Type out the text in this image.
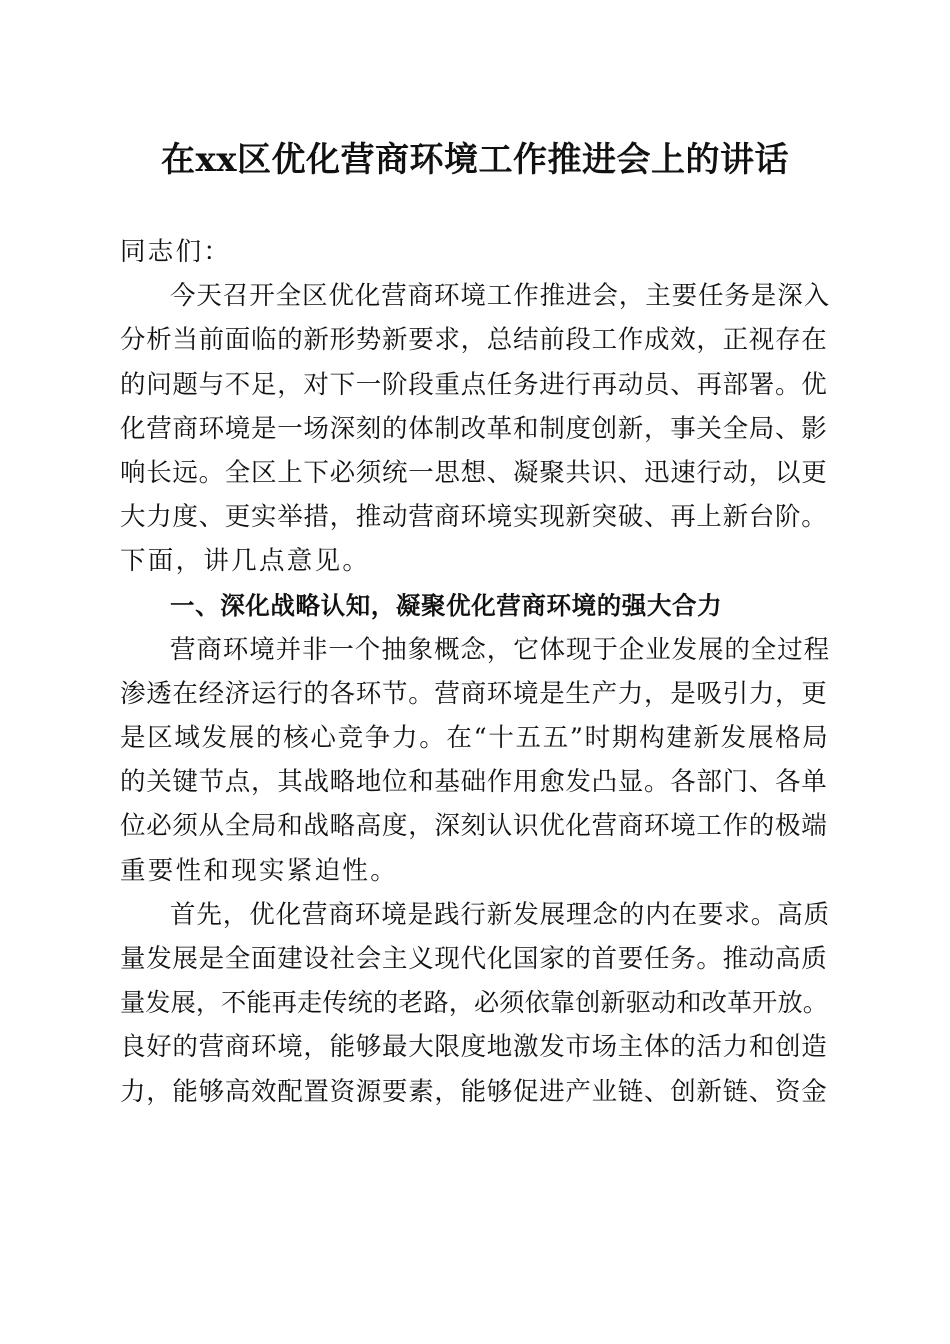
在xx区优化营商环境工作推进会上的讲话
同志们：
今天召开全区优化营商环境工作推进会，主要任务是深入
分析当前面临的新形势新要求，总结前段工作成效，正视存在
的问题与不足，对下一阶段重点任务进行再动员、再部署。优
化营商环境是一场深刻的体制改革和制度创新，事关全局、影
响长远。全区上下必须统一思想、凝聚共识、迅速行动，以更
大力度、更实举措，推动营商环境实现新突破、再上新台阶。
下面，讲几点意见。
一、深化战略认知，凝聚优化营商环境的强大合力
营商环境并非一个抽象概念，它体现于企业发展的全过程
渗透在经济运行的各环节。营商环境是生产力，是吸引力，更
是区域发展的核心竞争力。在“十五五”时期构建新发展格局
的关键节点，其战略地位和基础作用愈发凸显。各部门、各单
位必须从全局和战略高度，深刻认识优化营商环境工作的极端
重要性和现实紧迫性。
首先，优化营商环境是践行新发展理念的内在要求。高质
量发展是全面建设社会主义现代化国家的首要任务。推动高质
量发展，不能再走传统的老路，必须依靠创新驱动和改革开放。
良好的营商环境，能够最大限度地激发市场主体的活力和创造
力，能够高效配置资源要素，能够促进产业链、创新链、资金
